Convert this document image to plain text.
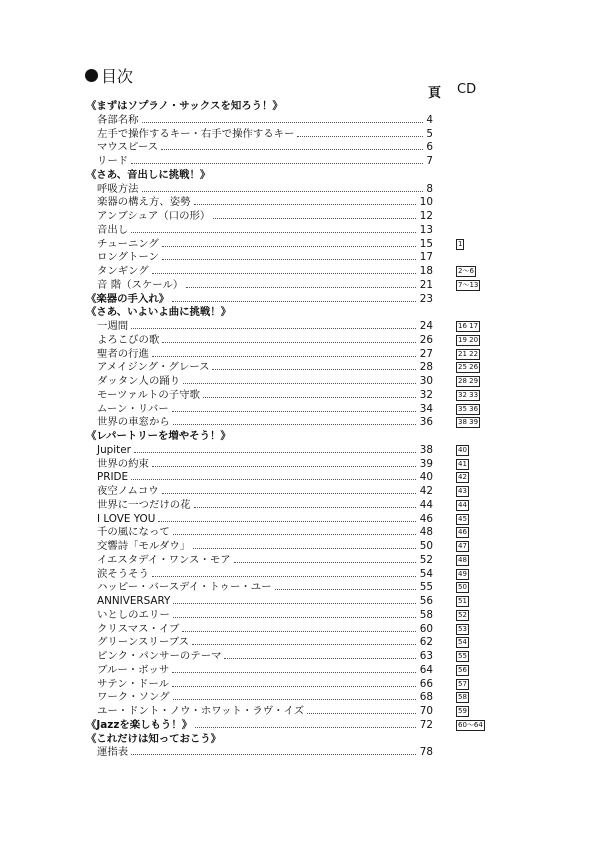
目次
頁 CD
《まずはソプラノ・サックスを知ろう！》
各部名称	4
左手で操作するキー・右手で操作するキー	5
マウスピース	6
リード	7
《さあ、音出しに挑戦！》
呼吸方法	8
楽器の構え方、姿勢	10
アンブシュア（口の形）	12
音出し	13
チューニング	15	1
ロングトーン	17
タンギング	18	2〜6
音 階（スケール）	21	7〜13
《楽器の手入れ》	23
《さあ、いよいよ曲に挑戦！》
一週間	24	16 17
よろこびの歌	26	19 20
聖者の行進	27	21 22
アメイジング・グレース	28	25 26
ダッタン人の踊り	30	28 29
モーツァルトの子守歌	32	32 33
ムーン・リバー	34	35 36
世界の車窓から	36	38 39
《レパートリーを増やそう！》
Jupiter	38	40
世界の約束	39	41
PRIDE	40	42
夜空ノムコウ	42	43
世界に一つだけの花	44	44
I LOVE YOU	46	45
千の風になって	48	46
交響詩「モルダウ」	50	47
イエスタデイ・ワンス・モア	52	48
涙そうそう	54	49
ハッピー・バースデイ・トゥー・ユー	55	50
ANNIVERSARY	56	51
いとしのエリー	58	52
クリスマス・イブ	60	53
グリーンスリーブス	62	54
ピンク・パンサーのテーマ	63	55
ブルー・ボッサ	64	56
サテン・ドール	66	57
ワーク・ソング	68	58
ユー・ドント・ノウ・ホワット・ラヴ・イズ	70	59
《Jazzを楽しもう！》	72	60〜64
《これだけは知っておこう》
運指表	78
